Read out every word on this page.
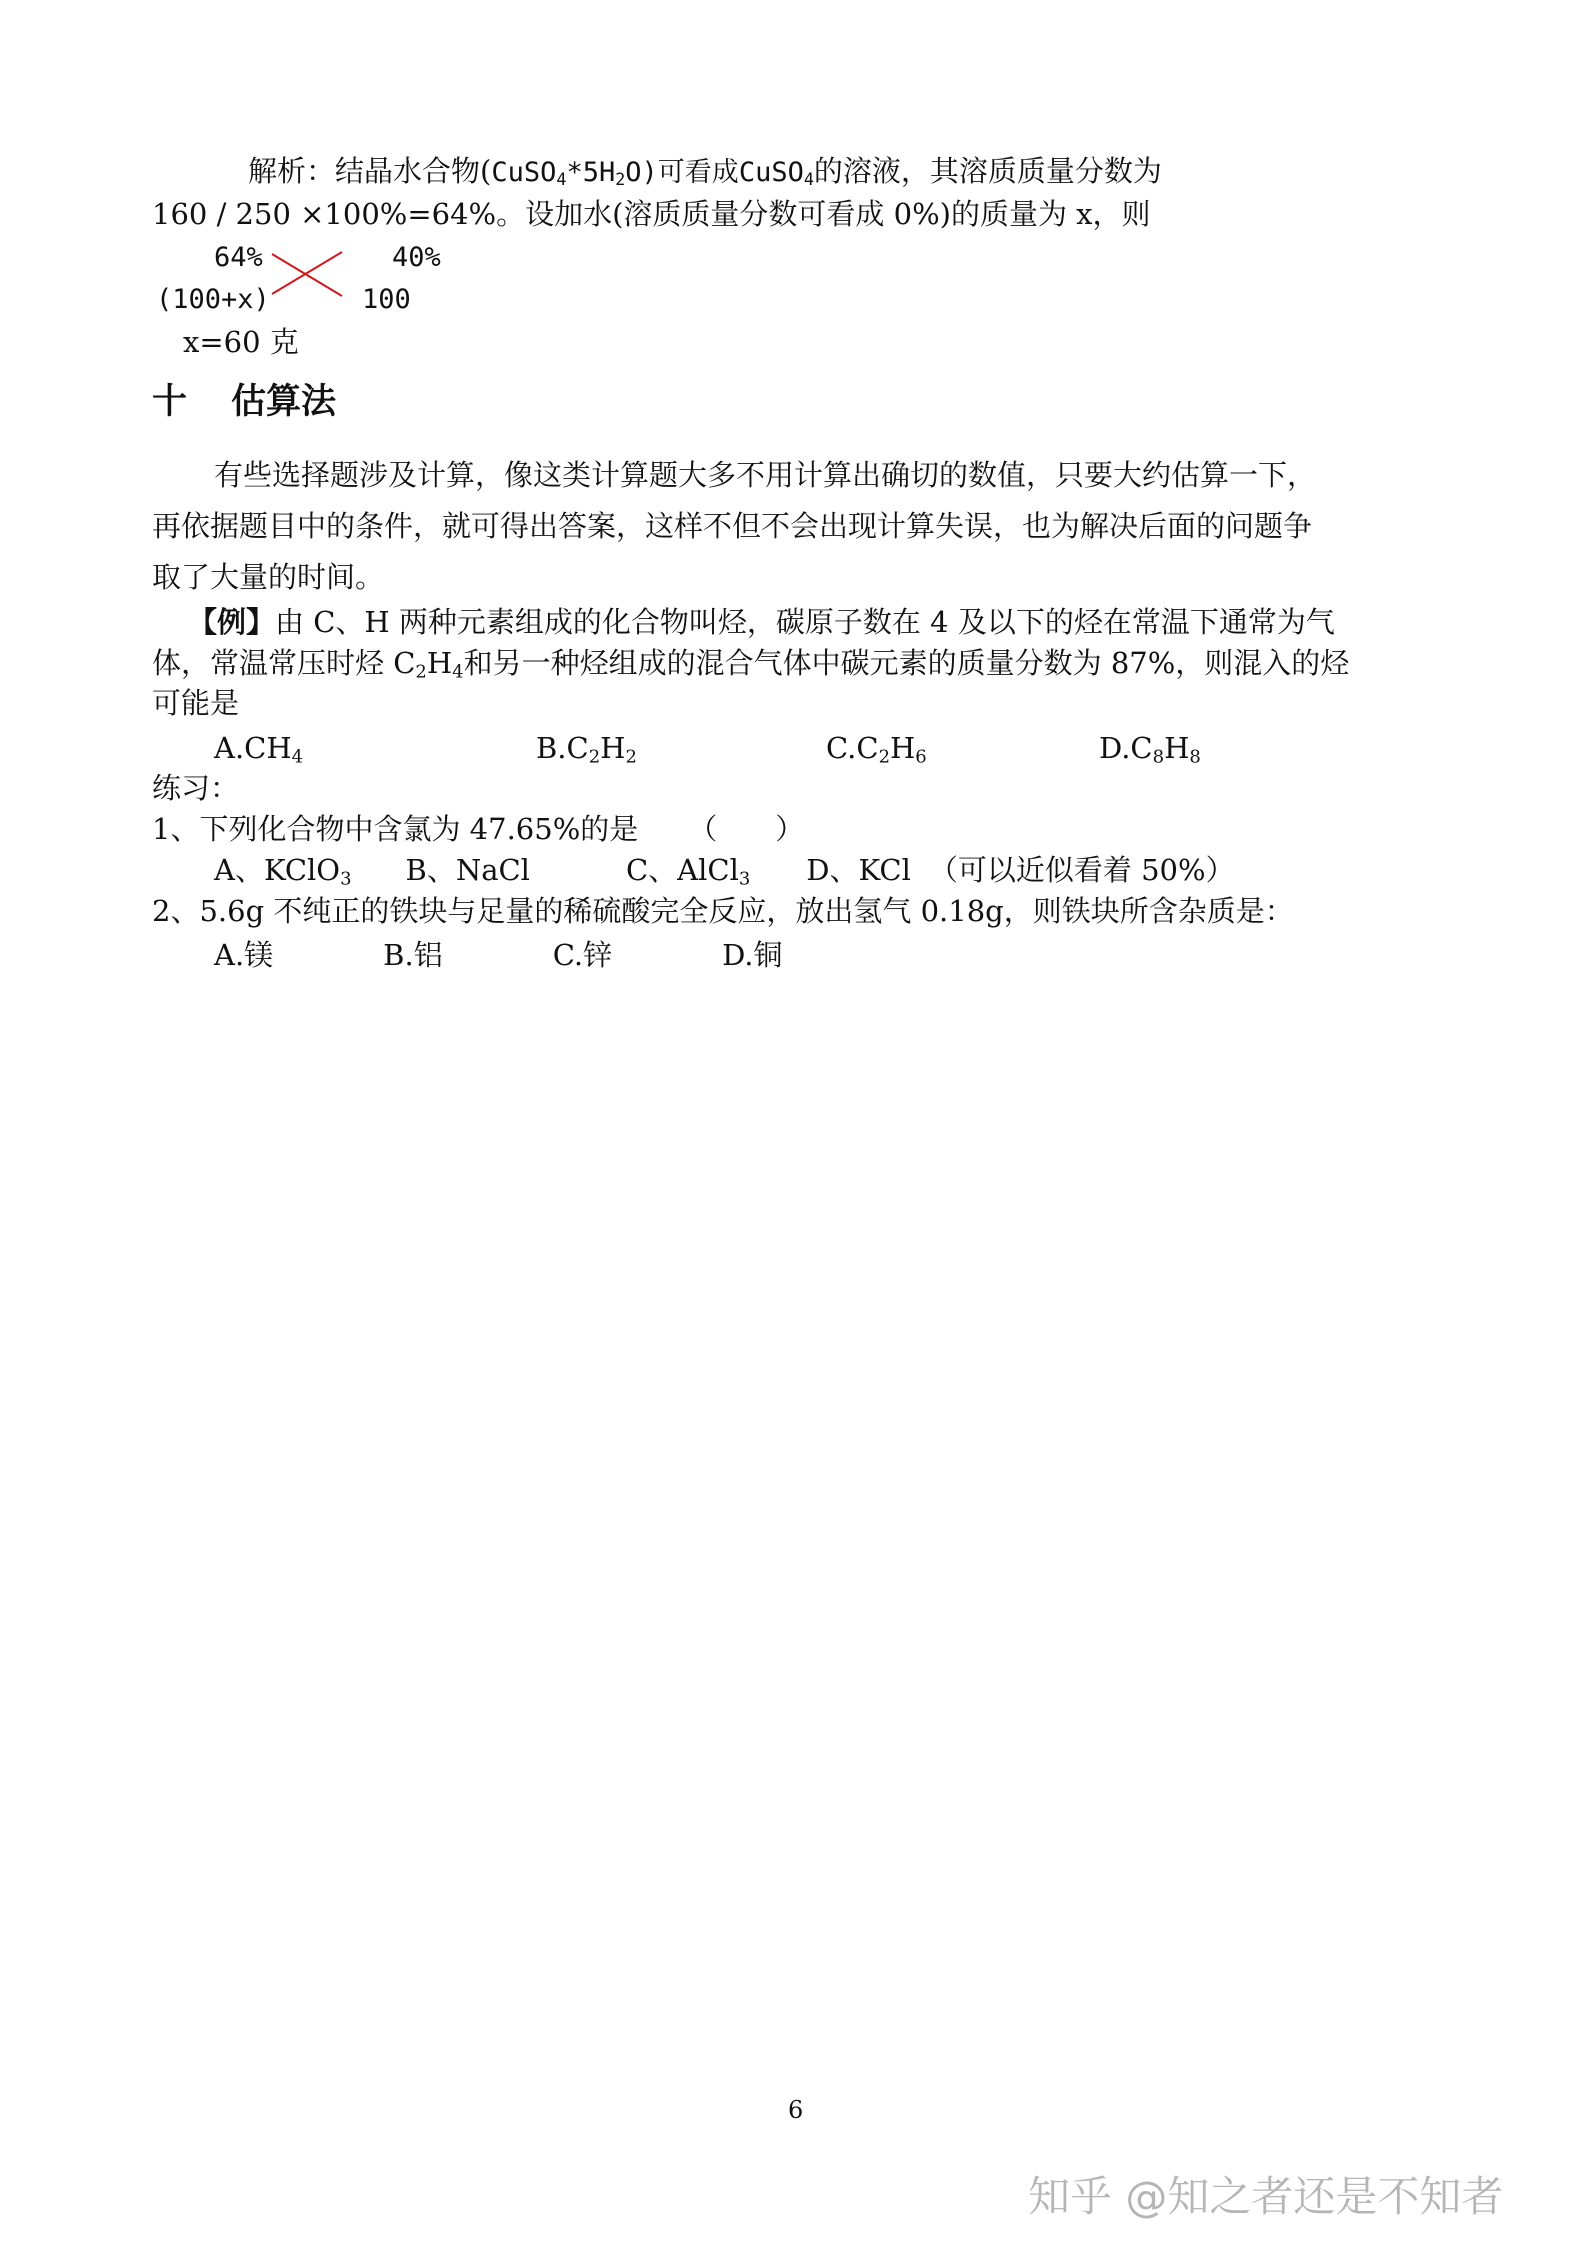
解析：结晶水合物$(CuSO_4*5H_2O)$可看成CuSO$_4$的溶液，其溶质质量分数为
160 / 250 ×100%=64%。设加水(溶质质量分数可看成 0%)的质量为 x，则
64%	40%
(100+x)	100
x=60 克
十 估算法
有些选择题涉及计算，像这类计算题大多不用计算出确切的数值，只要大约估算一下，
再依据题目中的条件，就可得出答案，这样不但不会出现计算失误，也为解决后面的问题争
取了大量的时间。
【例】由 C、H 两种元素组成的化合物叫烃，碳原子数在 4 及以下的烃在常温下通常为气
体，常温常压时烃 $C_2H_4$和另一种烃组成的混合气体中碳元素的质量分数为 87%，则混入的烃
可能是
$A.CH_4$	$B.C_2H_2$	$C.C_2H_6$	$D.C_8H_8$
练习：
1、下列化合物中含氯为 47.65%的是 （　　）
A、KClO$_3$ B、NaCl	C、AlCl$_3$ D、KCl （可以近似看着 50%）
2、5.6g 不纯正的铁块与足量的稀硫酸完全反应，放出氢气 0.18g，则铁块所含杂质是：
A.镁	B.铝	C.锌	D.铜
6
知乎 @知之者还是不知者
